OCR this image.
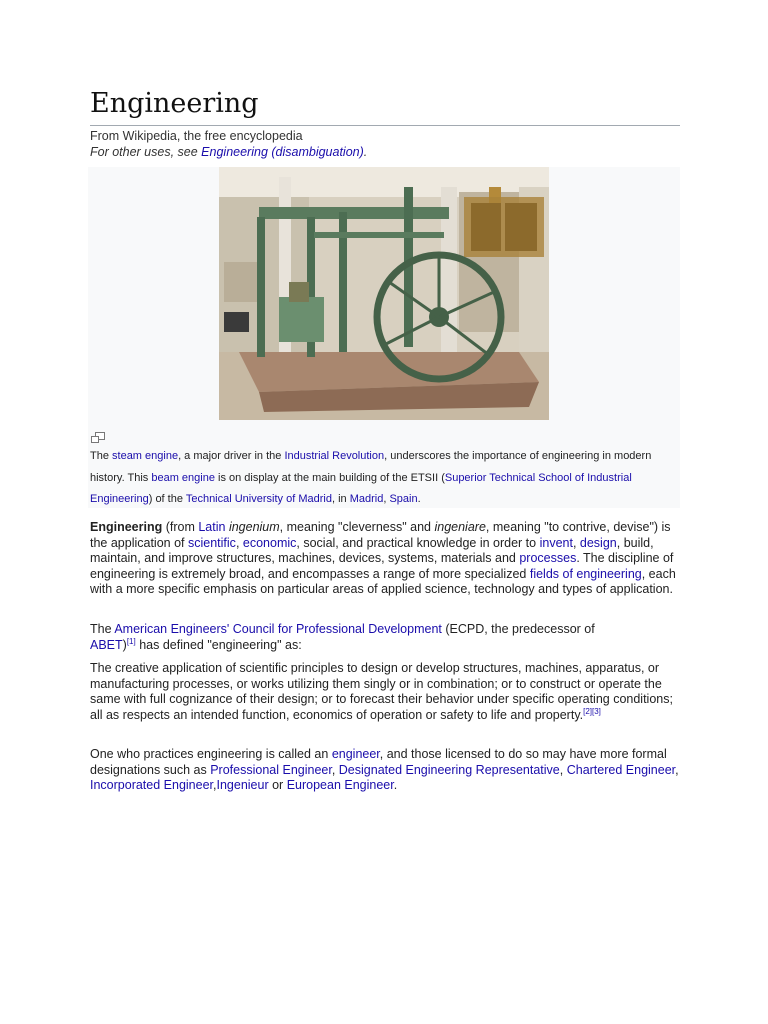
Engineering
From Wikipedia, the free encyclopedia
For other uses, see Engineering (disambiguation).
The steam engine, a major driver in the Industrial Revolution, underscores the importance of engineering in modern history. This beam engine is on display at the main building of the ETSII (Superior Technical School of Industrial Engineering) of the Technical University of Madrid, in Madrid, Spain.

Engineering (from Latin ingenium, meaning "cleverness" and ingeniare, meaning "to contrive, devise") is the application of scientific, economic, social, and practical knowledge in order to invent, design, build, maintain, and improve structures, machines, devices, systems, materials and processes. The discipline of engineering is extremely broad, and encompasses a range of more specialized fields of engineering, each with a more specific emphasis on particular areas of applied science, technology and types of application.

The American Engineers' Council for Professional Development (ECPD, the predecessor of ABET)[1] has defined "engineering" as:

The creative application of scientific principles to design or develop structures, machines, apparatus, or manufacturing processes, or works utilizing them singly or in combination; or to construct or operate the same with full cognizance of their design; or to forecast their behavior under specific operating conditions; all as respects an intended function, economics of operation or safety to life and property.[2][3]

One who practices engineering is called an engineer, and those licensed to do so may have more formal designations such as Professional Engineer, Designated Engineering Representative, Chartered Engineer, Incorporated Engineer,Ingenieur or European Engineer.
